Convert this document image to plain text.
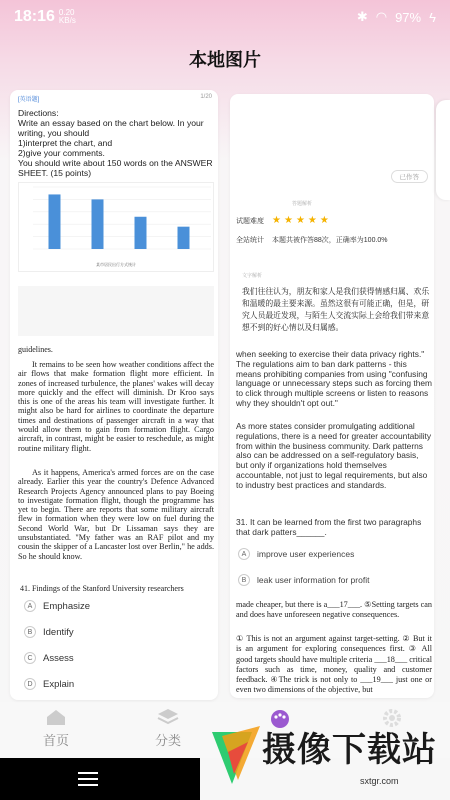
18:16 0.20 KB/s	✱ ◠ 97% ϟ
本地图片
[英语题]	1/20
Directions:
Write an essay based on the chart below. In your writing, you should
1)interpret the chart, and
2)give your comments.
You should write about 150 words on the ANSWER SHEET. (15 points)
某市居民出行方式统计
guidelines.
It remains to be seen how weather conditions affect the air flows that make formation flight more efficient. In zones of increased turbulence, the planes' wakes will decay more quickly and the effect will diminish. Dr Kroo says this is one of the areas his team will investigate further. It might also be hard for airlines to coordinate the departure times and destinations of passenger aircraft in a way that would allow them to gain from formation flight. Cargo aircraft, in contrast, might be easier to reschedule, as might routine military flight.
As it happens, America's armed forces are on the case already. Earlier this year the country's Defence Advanced Research Projects Agency announced plans to pay Boeing to investigate formation flight, though the programme has yet to begin. There are reports that some military aircraft flew in formation when they were low on fuel during the Second World War, but Dr Lissaman says they are unsubstantiated. "My father was an RAF pilot and my cousin the skipper of a Lancaster lost over Berlin," he adds. So he should know.
41. Findings of the Stanford University researchers
A	Emphasize
B	Identify
C	Assess
D	Explain
已作答
答题解析
试题难度 ★ ★ ★ ★ ★
全站统计 本题共被作答88次，正确率为100.0%
文字解析
我们往往认为，朋友和家人是我们获得情感归属、欢乐和温暖的最主要来源。虽然这很有可能正确，但是，研究人员最近发现，与陌生人交流实际上会给我们带来意想不到的好心情以及归属感。
when seeking to exercise their data privacy rights." The regulations aim to ban dark patterns - this means prohibiting companies from using "confusing language or unnecessary steps such as forcing them to click through multiple screens or listen to reasons why they shouldn't opt out."
As more states consider promulgating additional regulations, there is a need for greater accountability from within the business community. Dark patterns also can be addressed on a self-regulatory basis, but only if organizations hold themselves accountable, not just to legal requirements, but also to industry best practices and standards.
31. It can be learned from the first two paragraphs that dark patters______.
A	improve user experiences
B	leak user information for profit
made cheaper, but there is a___17___. ⑤Setting targets can and does have unforeseen negative consequences.
① This is not an argument against target-setting. ② But it is an argument for exploring consequences first. ③ All good targets should have multiple criteria ___18___ critical factors such as time, money, quality and customer feedback. ④The trick is not only to ___19___ just one or even two dimensions of the objective, but
首页	分类 摄像下载站
sxtgr.com
